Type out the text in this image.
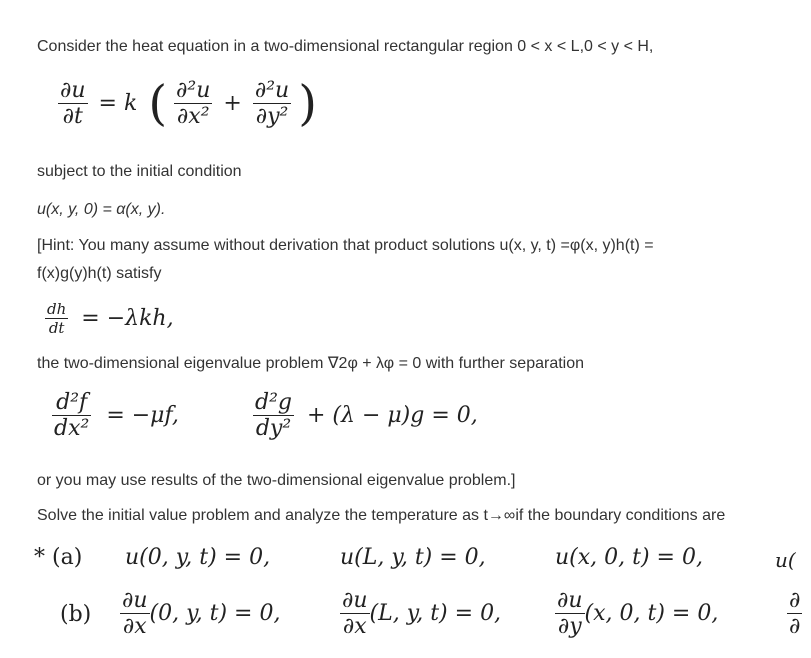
Consider the heat equation in a two-dimensional rectangular region 0 < x < L,0 < y < H,
$\frac{\partial u}{\partial t} = k$ ( $\frac{\text{∂²u}}{\text{∂x²}} + \frac{\text{∂²u}}{\text{∂y²}}$ )
subject to the initial condition
u(x, y, 0) = α(x, y).
[Hint: You many assume without derivation that product solutions u(x, y, t) =φ(x, y)h(t) =
f(x)g(y)h(t) satisfy
$\frac{dh}{dt} = -\lambda kh$,
the two-dimensional eigenvalue problem ∇2φ + λφ = 0 with further separation
$\frac{\text{d²f}}{\text{dx²}} = -\mu f$,	$\frac{\text{d²g}}{\text{dy²}} + (\lambda - \mu)g = 0$,
or you may use results of the two-dimensional eigenvalue problem.]
Solve the initial value problem and analyze the temperature as t→∞if the boundary conditions are
* (a) u(0, y, t) = 0,	u(L, y, t) = 0,	u(x, 0, t) = 0,	u(
$(b) \frac{\partial u}{\partial x} (0$, y, t) = 0,	$\frac{\partial u}{\partial x} (L$, y, t) = 0, $\frac{\partial u}{\partial y} (x$, 0, t) = 0,	$\frac{\partial}{\partial}$
